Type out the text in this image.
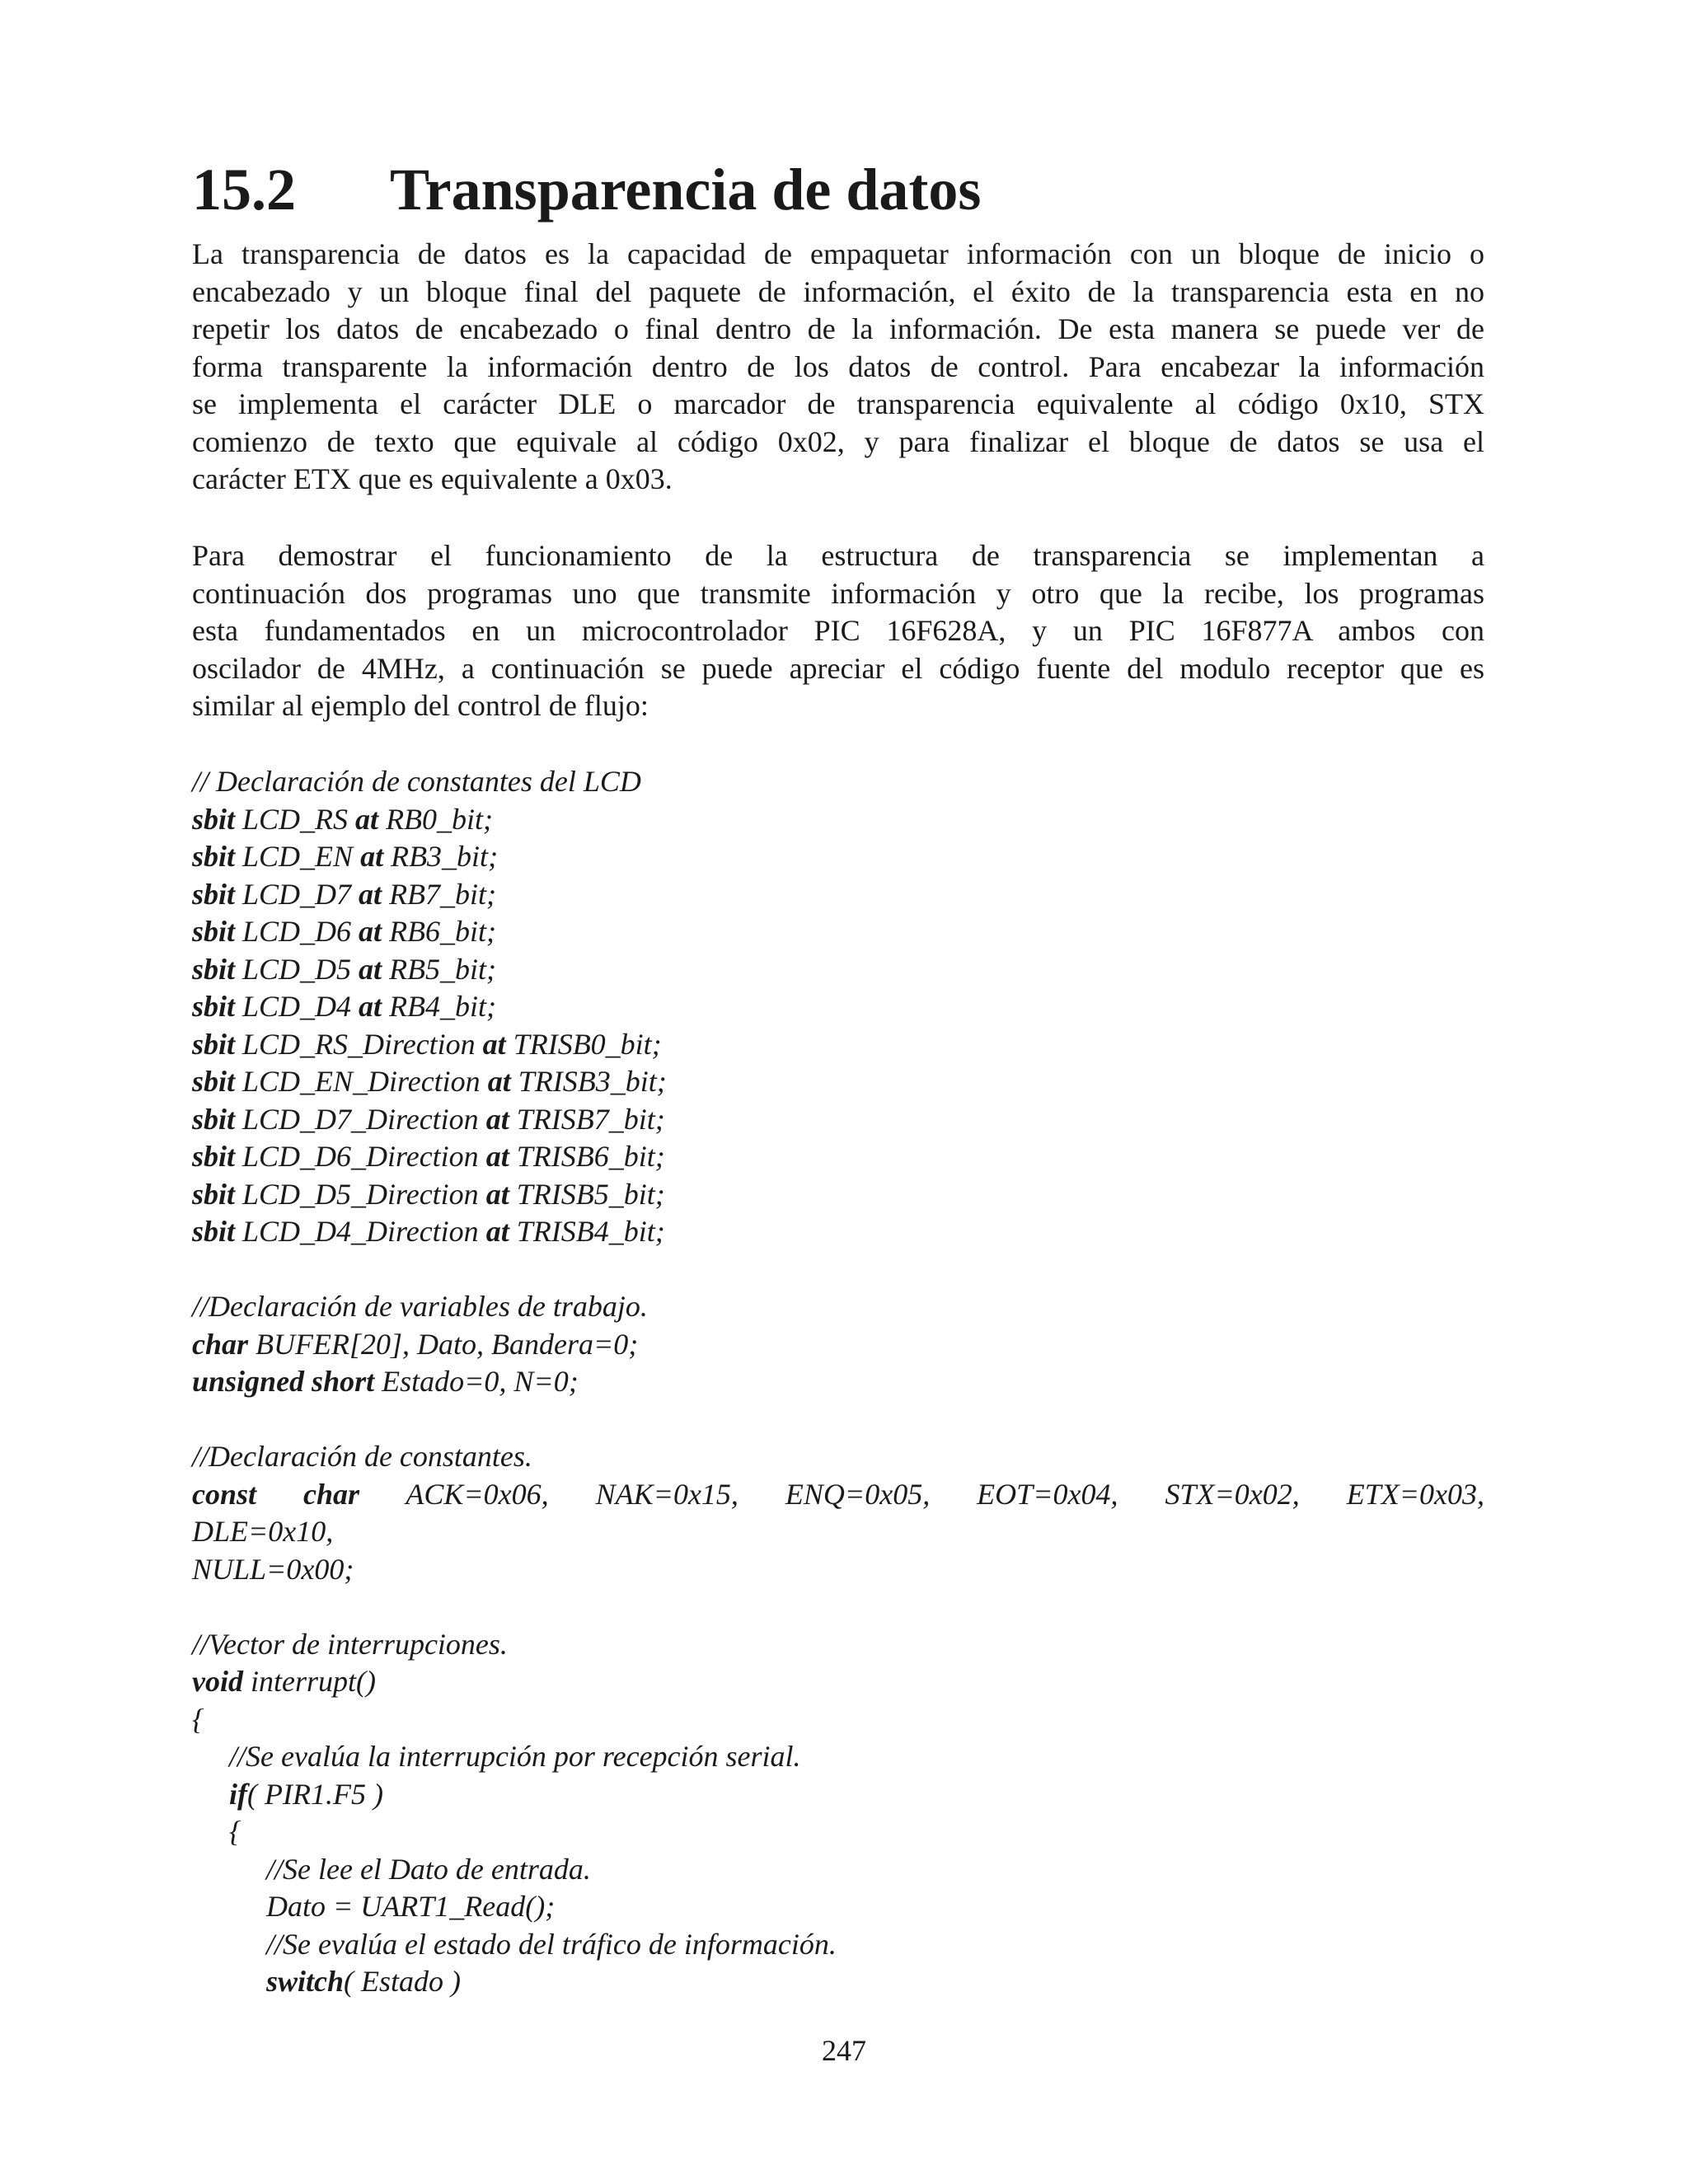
15.2 Transparencia de datos

La transparencia de datos es la capacidad de empaquetar información con un bloque de inicio o
encabezado y un bloque final del paquete de información, el éxito de la transparencia esta en no
repetir los datos de encabezado o final dentro de la información. De esta manera se puede ver de
forma transparente la información dentro de los datos de control. Para encabezar la información
se implementa el carácter DLE o marcador de transparencia equivalente al código 0x10, STX
comienzo de texto que equivale al código 0x02, y para finalizar el bloque de datos se usa el
carácter ETX que es equivalente a 0x03.

Para demostrar el funcionamiento de la estructura de transparencia se implementan a
continuación dos programas uno que transmite información y otro que la recibe, los programas
esta fundamentados en un microcontrolador PIC 16F628A, y un PIC 16F877A ambos con
oscilador de 4MHz, a continuación se puede apreciar el código fuente del modulo receptor que es
similar al ejemplo del control de flujo:

// Declaración de constantes del LCD
sbit LCD_RS at RB0_bit;
sbit LCD_EN at RB3_bit;
sbit LCD_D7 at RB7_bit;
sbit LCD_D6 at RB6_bit;
sbit LCD_D5 at RB5_bit;
sbit LCD_D4 at RB4_bit;
sbit LCD_RS_Direction at TRISB0_bit;
sbit LCD_EN_Direction at TRISB3_bit;
sbit LCD_D7_Direction at TRISB7_bit;
sbit LCD_D6_Direction at TRISB6_bit;
sbit LCD_D5_Direction at TRISB5_bit;
sbit LCD_D4_Direction at TRISB4_bit;
//Declaración de variables de trabajo.
char BUFER[20], Dato, Bandera=0;
unsigned short Estado=0, N=0;
//Declaración de constantes.
const char ACK=0x06, NAK=0x15, ENQ=0x05, EOT=0x04, STX=0x02, ETX=0x03,
DLE=0x10,
NULL=0x00;
//Vector de interrupciones.
void interrupt()
{
//Se evalúa la interrupción por recepción serial.
if( PIR1.F5 )
{
//Se lee el Dato de entrada.
Dato = UART1_Read();
//Se evalúa el estado del tráfico de información.
switch( Estado )
247
